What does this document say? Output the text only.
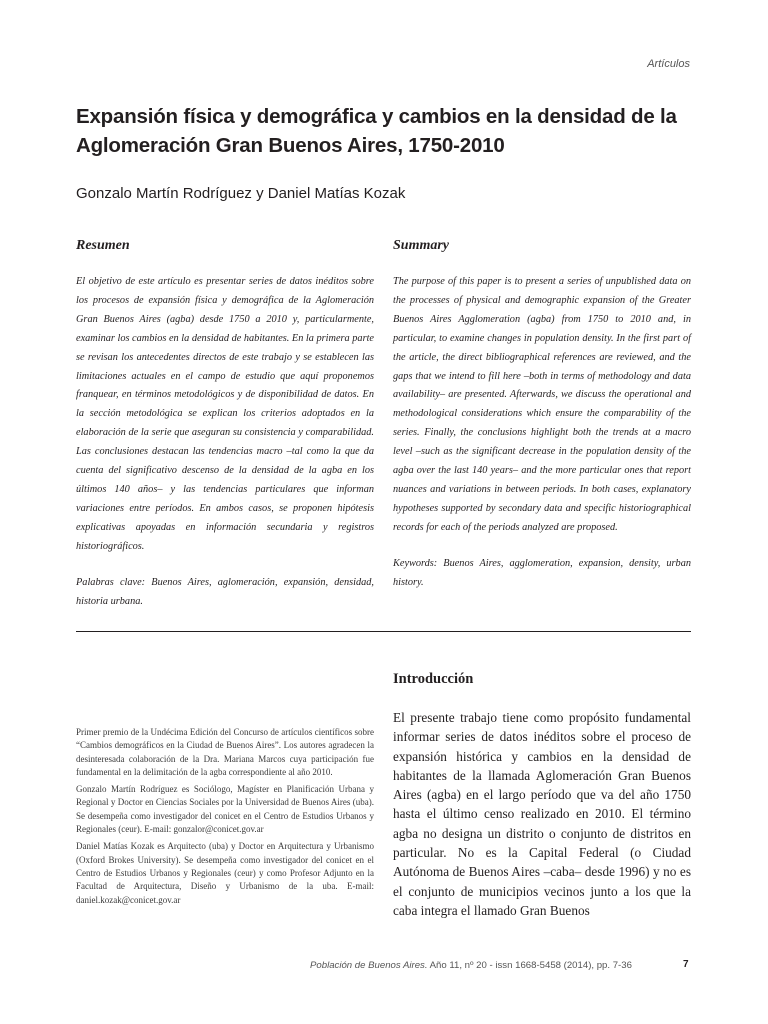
Artículos
Expansión física y demográfica y cambios en la densidad de la Aglomeración Gran Buenos Aires, 1750-2010
Gonzalo Martín Rodríguez y Daniel Matías Kozak
Resumen

El objetivo de este artículo es presentar series de datos inéditos sobre los procesos de expansión física y demográfica de la Aglomeración Gran Buenos Aires (agba) desde 1750 a 2010 y, particularmente, examinar los cambios en la densidad de habitantes. En la primera parte se revisan los antecedentes directos de este trabajo y se establecen las limitaciones actuales en el campo de estudio que aquí proponemos franquear, en términos metodológicos y de disponibilidad de datos. En la sección metodológica se explican los criterios adoptados en la elaboración de la serie que aseguran su consistencia y comparabilidad. Las conclusiones destacan las tendencias macro –tal como la que da cuenta del significativo descenso de la densidad de la agba en los últimos 140 años– y las tendencias particulares que informan variaciones entre períodos. En ambos casos, se proponen hipótesis explicativas apoyadas en información secundaria y registros historiográficos.

Palabras clave: Buenos Aires, aglomeración, expansión, densidad, historia urbana.

Summary

The purpose of this paper is to present a series of unpublished data on the processes of physical and demographic expansion of the Greater Buenos Aires Agglomeration (agba) from 1750 to 2010 and, in particular, to examine changes in population density. In the first part of the article, the direct bibliographical references are reviewed, and the gaps that we intend to fill here –both in terms of methodology and data availability– are presented. Afterwards, we discuss the operational and methodological considerations which ensure the comparability of the series. Finally, the conclusions highlight both the trends at a macro level –such as the significant decrease in the population density of the agba over the last 140 years– and the more particular ones that report nuances and variations in between periods. In both cases, explanatory hypotheses supported by secondary data and specific historiographical records for each of the periods analyzed are proposed.

Keywords: Buenos Aires, agglomeration, expansion, density, urban history.

Introducción

El presente trabajo tiene como propósito fundamental informar series de datos inéditos sobre el proceso de expansión histórica y cambios en la densidad de habitantes de la llamada Aglomeración Gran Buenos Aires (agba) en el largo período que va del año 1750 hasta el último censo realizado en 2010. El término agba no designa un distrito o conjunto de distritos en particular. No es la Capital Federal (o Ciudad Autónoma de Buenos Aires –caba– desde 1996) y no es el conjunto de municipios vecinos junto a los que la caba integra el llamado Gran Buenos

Primer premio de la Undécima Edición del Concurso de artículos científicos sobre “Cambios demográficos en la Ciudad de Buenos Aires”. Los autores agradecen la desinteresada colaboración de la Dra. Mariana Marcos cuya participación fue fundamental en la delimitación de la agba correspondiente al año 2010.

Gonzalo Martín Rodríguez es Sociólogo, Magíster en Planificación Urbana y Regional y Doctor en Ciencias Sociales por la Universidad de Buenos Aires (uba). Se desempeña como investigador del conicet en el Centro de Estudios Urbanos y Regionales (ceur). E-mail: gonzalor@conicet.gov.ar

Daniel Matías Kozak es Arquitecto (uba) y Doctor en Arquitectura y Urbanismo (Oxford Brokes University). Se desempeña como investigador del conicet en el Centro de Estudios Urbanos y Regionales (ceur) y como Profesor Adjunto en la Facultad de Arquitectura, Diseño y Urbanismo de la uba. E-mail: daniel.kozak@conicet.gov.ar

Población de Buenos Aires. Año 11, nº 20 - issn 1668-5458 (2014), pp. 7-36	7
